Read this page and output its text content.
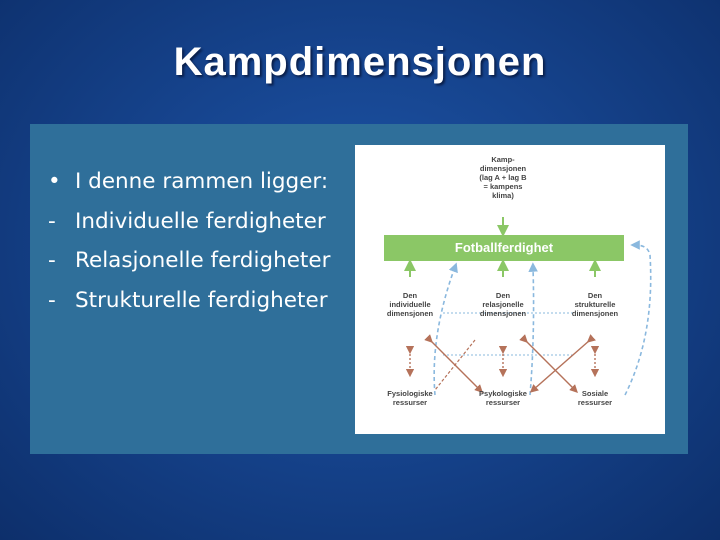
Kampdimensjonen
• I denne rammen ligger:
- Individuelle ferdigheter
- Relasjonelle ferdigheter
- Strukturelle ferdigheter
Kamp-
dimensjonen
(lag A + lag B
= kampens
klima)
Fotballferdighet
Den
individuelle
dimensjonen
Den
relasjonelle
dimensjonen
Den
strukturelle
dimensjonen
Fysiologiske
ressurser
Psykologiske
ressurser
Sosiale
ressurser
